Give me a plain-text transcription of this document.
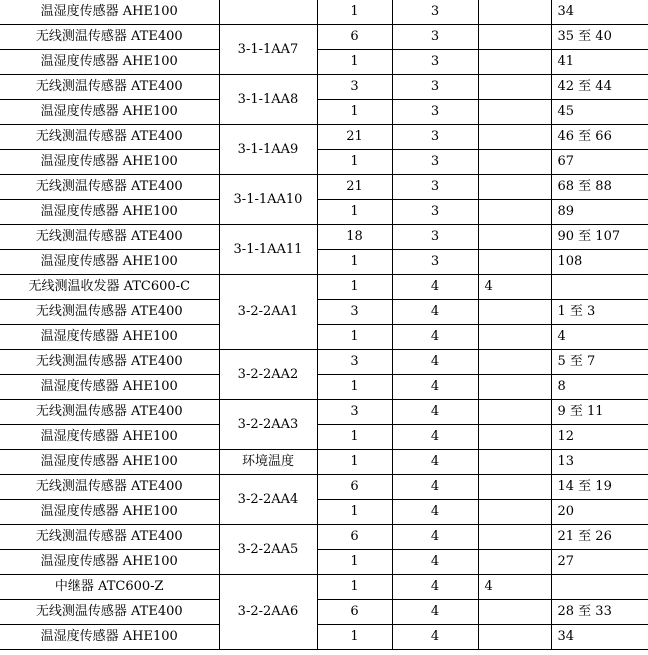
温湿度传感器 AHE100		1	3		34
无线测温传感器 ATE400	3-1-1AA7	6	3		35 至 40
温湿度传感器 AHE100		1	3		41
无线测温传感器 ATE400	3-1-1AA8	3	3		42 至 44
温湿度传感器 AHE100		1	3		45
无线测温传感器 ATE400	3-1-1AA9	21	3		46 至 66
温湿度传感器 AHE100		1	3		67
无线测温传感器 ATE400	3-1-1AA10	21	3		68 至 88
温湿度传感器 AHE100		1	3		89
无线测温传感器 ATE400	3-1-1AA11	18	3		90 至 107
温湿度传感器 AHE100		1	3		108
无线测温收发器 ATC600-C	3-2-2AA1	1	4	4	
无线测温传感器 ATE400		3	4		1 至 3
温湿度传感器 AHE100		1	4		4
无线测温传感器 ATE400	3-2-2AA2	3	4		5 至 7
温湿度传感器 AHE100		1	4		8
无线测温传感器 ATE400	3-2-2AA3	3	4		9 至 11
温湿度传感器 AHE100		1	4		12
温湿度传感器 AHE100	环境温度	1	4		13
无线测温传感器 ATE400	3-2-2AA4	6	4		14 至 19
温湿度传感器 AHE100		1	4		20
无线测温传感器 ATE400	3-2-2AA5	6	4		21 至 26
温湿度传感器 AHE100		1	4		27
中继器 ATC600-Z	3-2-2AA6	1	4	4	
无线测温传感器 ATE400		6	4		28 至 33
温湿度传感器 AHE100		1	4		34
